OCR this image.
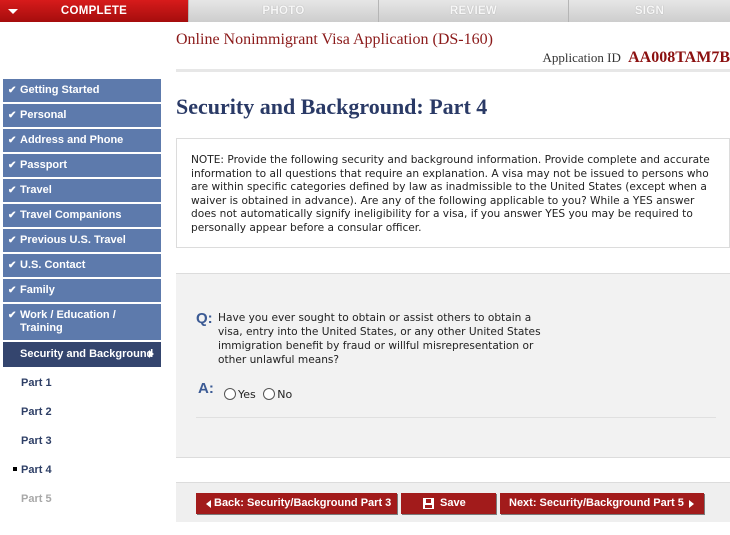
COMPLETE	PHOTO	REVIEW	SIGN
Online Nonimmigrant Visa Application (DS-160)
Application ID AA008TAM7B
✔ Getting Started
✔ Personal
✔ Address and Phone
✔ Passport
✔ Travel
✔ Travel Companions
✔ Previous U.S. Travel
✔ U.S. Contact
✔ Family
✔ Work / Education / Training
Security and Background
Part 1
Part 2
Part 3
Part 4
Part 5
Security and Background: Part 4
NOTE: Provide the following security and background information. Provide complete and accurate information to all questions that require an explanation. A visa may not be issued to persons who are within specific categories defined by law as inadmissible to the United States (except when a waiver is obtained in advance). Are any of the following applicable to you? While a YES answer does not automatically signify ineligibility for a visa, if you answer YES you may be required to personally appear before a consular officer.
Q: Have you ever sought to obtain or assist others to obtain a visa, entry into the United States, or any other United States immigration benefit by fraud or willful misrepresentation or other unlawful means?
A:	Yes No
Back: Security/Background Part 3	Save	Next: Security/Background Part 5
